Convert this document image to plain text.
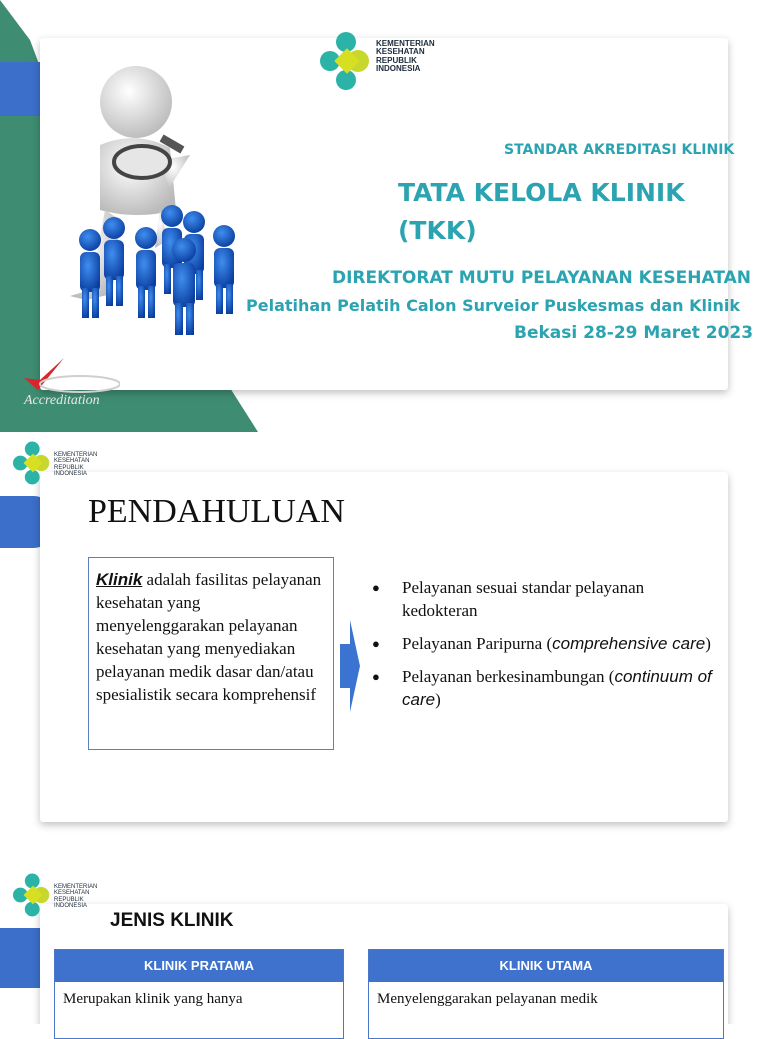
KEMENTERIAN
KESEHATAN
REPUBLIK
INDONESIA
STANDAR AKREDITASI KLINIK
TATA KELOLA KLINIK
(TKK)
DIREKTORAT MUTU PELAYANAN KESEHATAN
Pelatihan Pelatih Calon Surveior Puskesmas dan Klinik
Bekasi 28-29 Maret 2023
Accreditation
KEMENTERIAN
KESEHATAN
REPUBLIK
INDONESIA
PENDAHULUAN
Klinik adalah fasilitas pelayanan kesehatan yang menyelenggarakan pelayanan kesehatan yang menyediakan pelayanan medik dasar dan/atau spesialistik secara komprehensif
● Pelayanan sesuai standar pelayanan kedokteran
● Pelayanan Paripurna (comprehensive care)
● Pelayanan berkesinambungan (continuum of care)
KEMENTERIAN
KESEHATAN
REPUBLIK
INDONESIA
JENIS KLINIK
KLINIK PRATAMA
Merupakan klinik yang hanya
KLINIK UTAMA
Menyelenggarakan pelayanan medik
